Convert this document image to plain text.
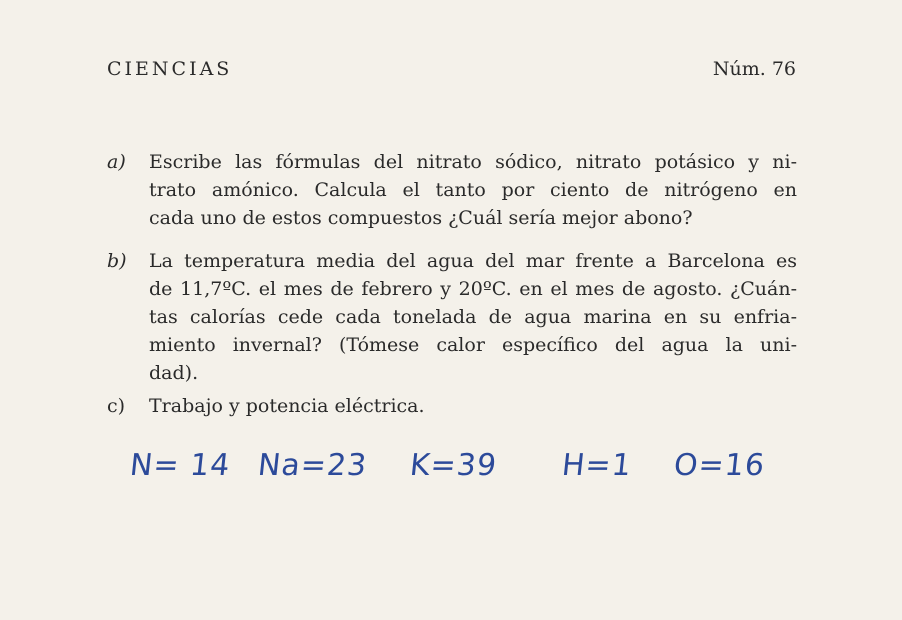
CIENCIAS	Núm. 76
a) Escribe las fórmulas del nitrato sódico, nitrato potásico y ni-
trato amónico. Calcula el tanto por ciento de nitrógeno en
cada uno de estos compuestos ¿Cuál sería mejor abono?
b) La temperatura media del agua del mar frente a Barcelona es
de 11,7ºC. el mes de febrero y 20ºC. en el mes de agosto. ¿Cuán-
tas calorías cede cada tonelada de agua marina en su enfria-
miento invernal? (Tómese calor específico del agua la uni-
dad).
c) Trabajo y potencia eléctrica.
N= 14 Na=23 K=39 H=1 O=16
